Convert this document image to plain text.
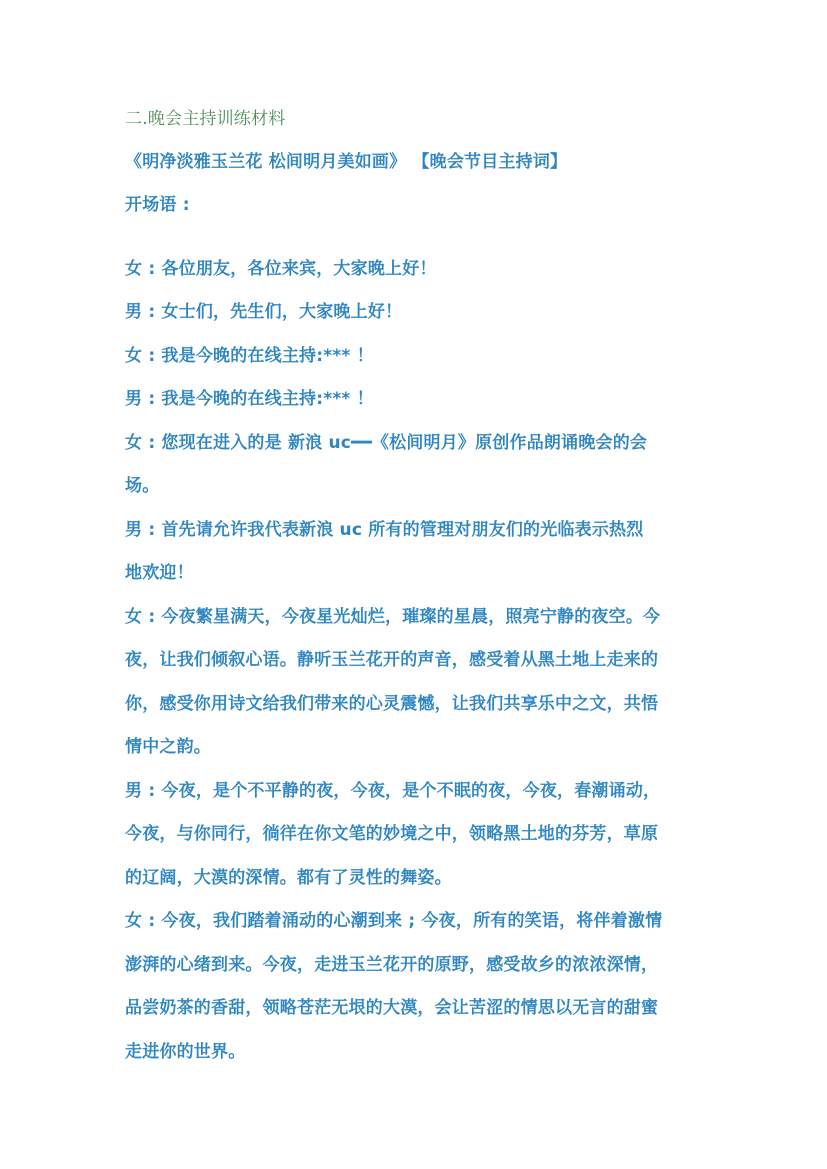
二.晚会主持训练材料

《明净淡雅玉兰花 松间明月美如画》 【晚会节目主持词】

开场语 :

女 : 各位朋友，各位来宾，大家晚上好！

男 : 女士们，先生们，大家晚上好！

女 : 我是今晚的在线主持:*** ！

男 : 我是今晚的在线主持:*** ！

女 : 您现在进入的是 新浪 uc━━《松间明月》原创作品朗诵晚会的会

场。

男 : 首先请允许我代表新浪 uc 所有的管理对朋友们的光临表示热烈

地欢迎！

女 : 今夜繁星满天，今夜星光灿烂，璀璨的星晨，照亮宁静的夜空。今

夜，让我们倾叙心语。静听玉兰花开的声音，感受着从黑土地上走来的

你，感受你用诗文给我们带来的心灵震憾，让我们共享乐中之文，共悟

情中之韵。

男 : 今夜，是个不平静的夜，今夜，是个不眠的夜，今夜，春潮诵动，

今夜，与你同行，徜徉在你文笔的妙境之中，领略黑土地的芬芳，草原

的辽阔，大漠的深情。都有了灵性的舞姿。

女 : 今夜，我们踏着涌动的心潮到来 ; 今夜，所有的笑语，将伴着激情

澎湃的心绪到来。今夜，走进玉兰花开的原野，感受故乡的浓浓深情，

品尝奶茶的香甜，领略苍茫无垠的大漠，会让苦涩的情思以无言的甜蜜

走进你的世界。
